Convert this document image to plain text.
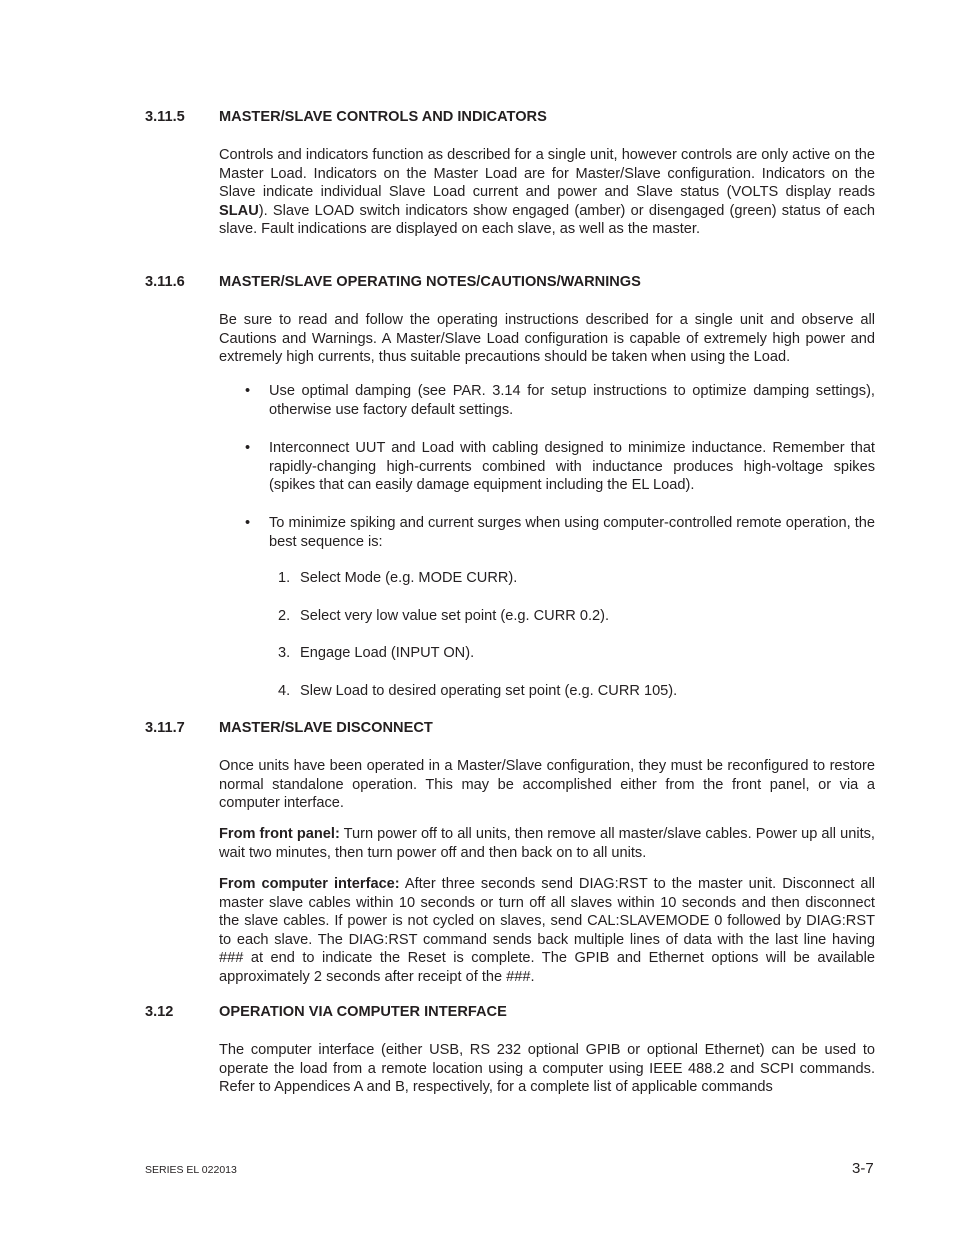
3.11.5 MASTER/SLAVE CONTROLS AND INDICATORS

Controls and indicators function as described for a single unit, however controls are only active on the Master Load. Indicators on the Master Load are for Master/Slave configuration. Indicators on the Slave indicate individual Slave Load current and power and Slave status (VOLTS display reads SLAU). Slave LOAD switch indicators show engaged (amber) or disengaged (green) status of each slave. Fault indications are displayed on each slave, as well as the master.

3.11.6 MASTER/SLAVE OPERATING NOTES/CAUTIONS/WARNINGS

Be sure to read and follow the operating instructions described for a single unit and observe all Cautions and Warnings. A Master/Slave Load configuration is capable of extremely high power and extremely high currents, thus suitable precautions should be taken when using the Load.

• Use optimal damping (see PAR. 3.14 for setup instructions to optimize damping settings), otherwise use factory default settings.
• Interconnect UUT and Load with cabling designed to minimize inductance. Remember that rapidly-changing high-currents combined with inductance produces high-voltage spikes (spikes that can easily damage equipment including the EL Load).
• To minimize spiking and current surges when using computer-controlled remote operation, the best sequence is:
1. Select Mode (e.g. MODE CURR).
2. Select very low value set point (e.g. CURR 0.2).
3. Engage Load (INPUT ON).
4. Slew Load to desired operating set point (e.g. CURR 105).
3.11.7 MASTER/SLAVE DISCONNECT

Once units have been operated in a Master/Slave configuration, they must be reconfigured to restore normal standalone operation. This may be accomplished either from the front panel, or via a computer interface.

From front panel: Turn power off to all units, then remove all master/slave cables. Power up all units, wait two minutes, then turn power off and then back on to all units.

From computer interface: After three seconds send DIAG:RST to the master unit. Disconnect all master slave cables within 10 seconds or turn off all slaves within 10 seconds and then disconnect the slave cables. If power is not cycled on slaves, send CAL:SLAVEMODE 0 followed by DIAG:RST to each slave. The DIAG:RST command sends back multiple lines of data with the last line having ### at end to indicate the Reset is complete. The GPIB and Ethernet options will be available approximately 2 seconds after receipt of the ###.

3.12	OPERATION VIA COMPUTER INTERFACE

The computer interface (either USB, RS 232 optional GPIB or optional Ethernet) can be used to operate the load from a remote location using a computer using IEEE 488.2 and SCPI commands. Refer to Appendices A and B, respectively, for a complete list of applicable commands

SERIES EL 022013	3-7
